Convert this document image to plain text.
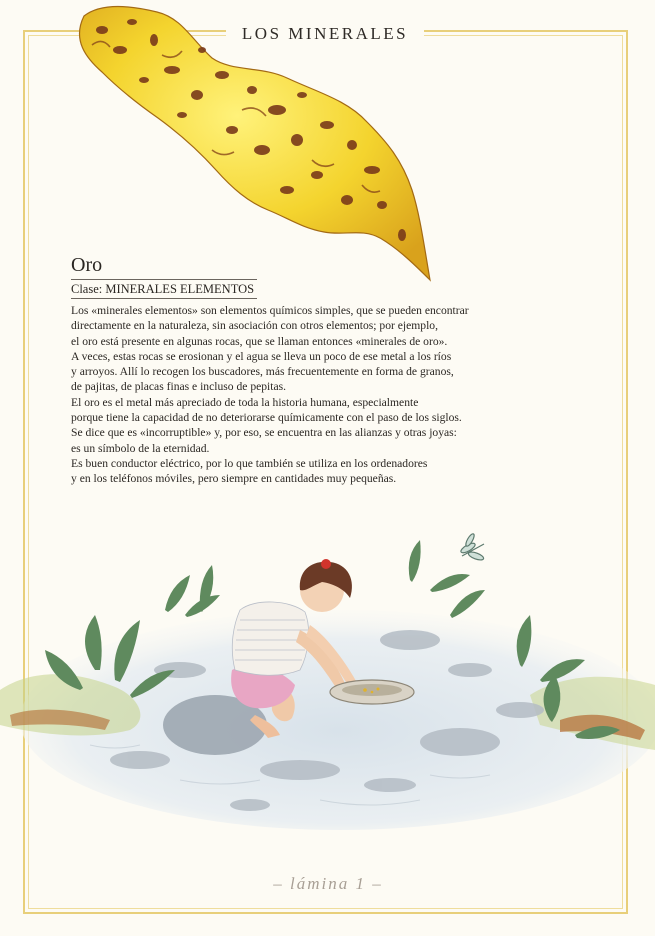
LOS MINERALES
Oro
Clase: MINERALES ELEMENTOS
Los «minerales elementos» son elementos químicos simples, que se pueden encontrar
directamente en la naturaleza, sin asociación con otros elementos; por ejemplo,
el oro está presente en algunas rocas, que se llaman entonces «minerales de oro».
A veces, estas rocas se erosionan y el agua se lleva un poco de ese metal a los ríos
y arroyos. Allí lo recogen los buscadores, más frecuentemente en forma de granos,
de pajitas, de placas finas e incluso de pepitas.
El oro es el metal más apreciado de toda la historia humana, especialmente
porque tiene la capacidad de no deteriorarse químicamente con el paso de los siglos.
Se dice que es «incorruptible» y, por eso, se encuentra en las alianzas y otras joyas:
es un símbolo de la eternidad.
Es buen conductor eléctrico, por lo que también se utiliza en los ordenadores
y en los teléfonos móviles, pero siempre en cantidades muy pequeñas.
– lámina 1 –
